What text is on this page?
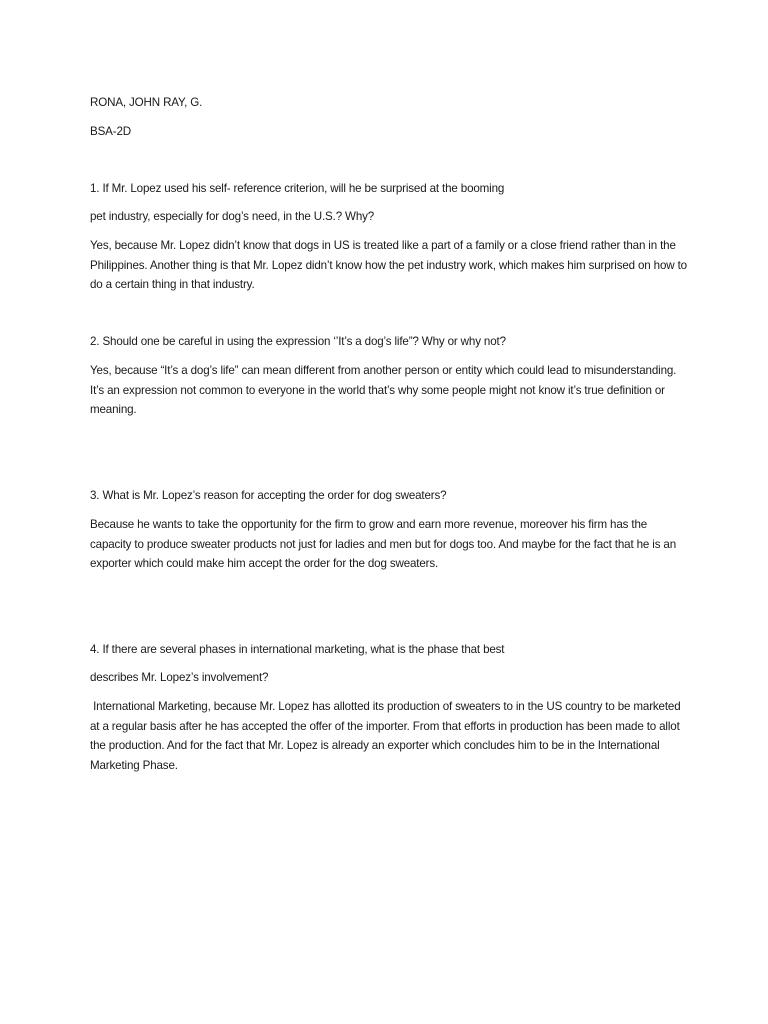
RONA, JOHN RAY, G.
BSA-2D
1. If Mr. Lopez used his self- reference criterion, will he be surprised at the booming
pet industry, especially for dog’s need, in the U.S.? Why?
Yes, because Mr. Lopez didn’t know that dogs in US is treated like a part of a family or a close friend rather than in the Philippines. Another thing is that Mr. Lopez didn’t know how the pet industry work, which makes him surprised on how to do a certain thing in that industry.
2. Should one be careful in using the expression ‘’It’s a dog’s life”? Why or why not?
Yes, because “It’s a dog’s life” can mean different from another person or entity which could lead to misunderstanding. It’s an expression not common to everyone in the world that’s why some people might not know it’s true definition or meaning.
3. What is Mr. Lopez’s reason for accepting the order for dog sweaters?
Because he wants to take the opportunity for the firm to grow and earn more revenue, moreover his firm has the capacity to produce sweater products not just for ladies and men but for dogs too. And maybe for the fact that he is an exporter which could make him accept the order for the dog sweaters.
4. If there are several phases in international marketing, what is the phase that best
describes Mr. Lopez’s involvement?
International Marketing, because Mr. Lopez has allotted its production of sweaters to in the US country to be marketed at a regular basis after he has accepted the offer of the importer. From that efforts in production has been made to allot the production. And for the fact that Mr. Lopez is already an exporter which concludes him to be in the International Marketing Phase.
